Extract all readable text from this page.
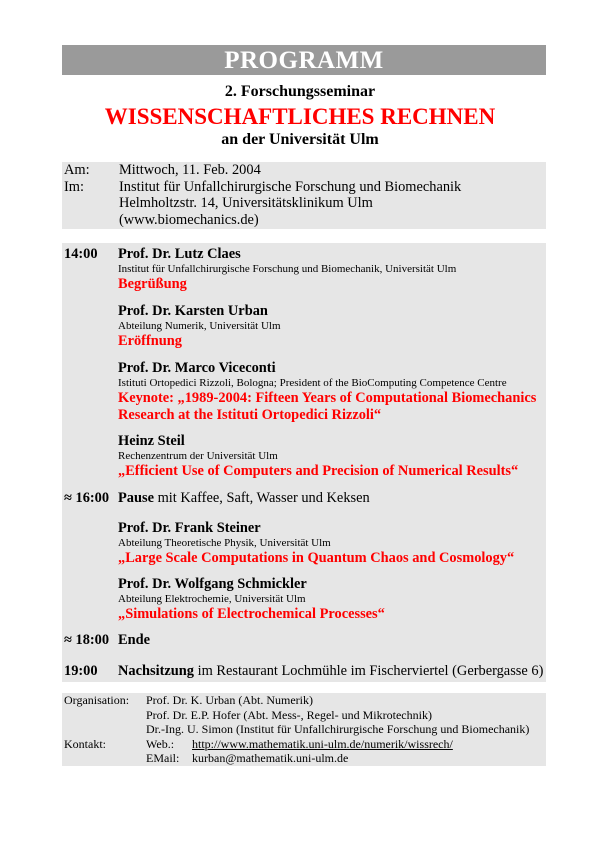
PROGRAMM
2. Forschungsseminar
WISSENSCHAFTLICHES RECHNEN
an der Universität Ulm
Am:	Mittwoch, 11. Feb. 2004
Im:	Institut für Unfallchirurgische Forschung und Biomechanik
Helmholtzstr. 14, Universitätsklinikum Ulm
(www.biomechanics.de)
14:00 Prof. Dr. Lutz Claes
Institut für Unfallchirurgische Forschung und Biomechanik, Universität Ulm
Begrüßung
Prof. Dr. Karsten Urban
Abteilung Numerik, Universität Ulm
Eröffnung
Prof. Dr. Marco Viceconti
Istituti Ortopedici Rizzoli, Bologna; President of the BioComputing Competence Centre
Keynote: „1989-2004: Fifteen Years of Computational Biomechanics
Research at the Istituti Ortopedici Rizzoli“
Heinz Steil
Rechenzentrum der Universität Ulm
„Efficient Use of Computers and Precision of Numerical Results“
≈ 16:00 Pause mit Kaffee, Saft, Wasser und Keksen
Prof. Dr. Frank Steiner
Abteilung Theoretische Physik, Universität Ulm
„Large Scale Computations in Quantum Chaos and Cosmology“
Prof. Dr. Wolfgang Schmickler
Abteilung Elektrochemie, Universität Ulm
„Simulations of Electrochemical Processes“
≈ 18:00 Ende
19:00 Nachsitzung im Restaurant Lochmühle im Fischerviertel (Gerbergasse 6)
Organisation:	Prof. Dr. K. Urban (Abt. Numerik)
Prof. Dr. E.P. Hofer (Abt. Mess-, Regel- und Mikrotechnik)
Dr.-Ing. U. Simon (Institut für Unfallchirurgische Forschung und Biomechanik)
Kontakt:	Web.:	http://www.mathematik.uni-ulm.de/numerik/wissrech/
EMail:	kurban@mathematik.uni-ulm.de
